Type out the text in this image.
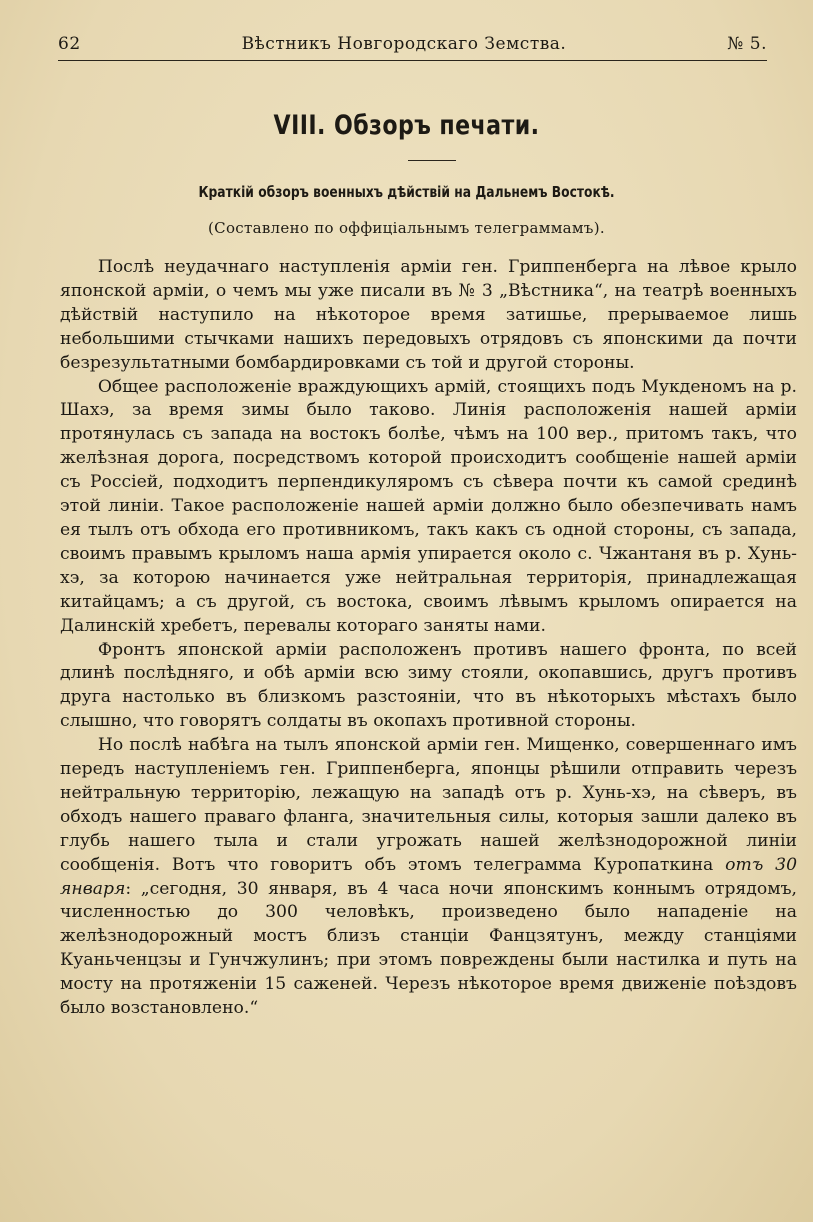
62	Вѣстникъ Новгородскаго Земства.	№ 5.
VIII. Обзоръ печати.
Краткій обзоръ военныхъ дѣйствій на Дальнемъ Востокѣ.
(Составлено по оффиціальнымъ телеграммамъ).

Послѣ неудачнаго наступленія арміи ген. Гриппенберга на лѣвое крыло японской арміи, о чемъ мы уже писали въ № 3 „Вѣстника“, на театрѣ военныхъ дѣйствій наступило на нѣкоторое время затишье, прерываемое лишь небольшими стычками нашихъ передовыхъ отрядовъ съ японскими да почти безрезультатными бомбардировками съ той и другой стороны.

Общее расположеніе враждующихъ армій, стоящихъ подъ Мукденомъ на р. Шахэ, за время зимы было таково. Линія расположенія нашей арміи протянулась съ запада на востокъ болѣе, чѣмъ на 100 вер., притомъ такъ, что желѣзная дорога, посредствомъ которой происходитъ сообщеніе нашей арміи съ Россіей, подходитъ перпендикуляромъ съ сѣвера почти къ самой срединѣ этой линіи. Такое расположеніе нашей арміи должно было обезпечивать намъ ея тылъ отъ обхода его противникомъ, такъ какъ съ одной стороны, съ запада, своимъ правымъ крыломъ наша армія упирается около с. Чжантаня въ р. Хунь-хэ, за которою начинается уже нейтральная территорія, принадлежащая китайцамъ; а съ другой, съ востока, своимъ лѣвымъ крыломъ опирается на Далинскій хребетъ, перевалы котораго заняты нами.

Фронтъ японской арміи расположенъ противъ нашего фронта, по всей длинѣ послѣдняго, и обѣ арміи всю зиму стояли, окопавшись, другъ противъ друга настолько въ близкомъ разстояніи, что въ нѣкоторыхъ мѣстахъ было слышно, что говорятъ солдаты въ окопахъ противной стороны.

Но послѣ набѣга на тылъ японской арміи ген. Мищенко, совершеннаго имъ передъ наступленіемъ ген. Гриппенберга, японцы рѣшили отправить черезъ нейтральную территорію, лежащую на западѣ отъ р. Хунь-хэ, на сѣверъ, въ обходъ нашего праваго фланга, значительныя силы, которыя зашли далеко въ глубь нашего тыла и стали угрожать нашей желѣзнодорожной линіи сообщенія. Вотъ что говоритъ объ этомъ телеграмма Куропаткина отъ 30 января: „сегодня, 30 января, въ 4 часа ночи японскимъ коннымъ отрядомъ, численностью до 300 человѣкъ, произведено было нападеніе на желѣзнодорожный мостъ близъ станціи Фанцзятунъ, между станціями Куаньченцзы и Гунчжулинъ; при этомъ повреждены были настилка и путь на мосту на протяженіи 15 саженей. Черезъ нѣкоторое время движеніе поѣздовъ было возстановлено.“
